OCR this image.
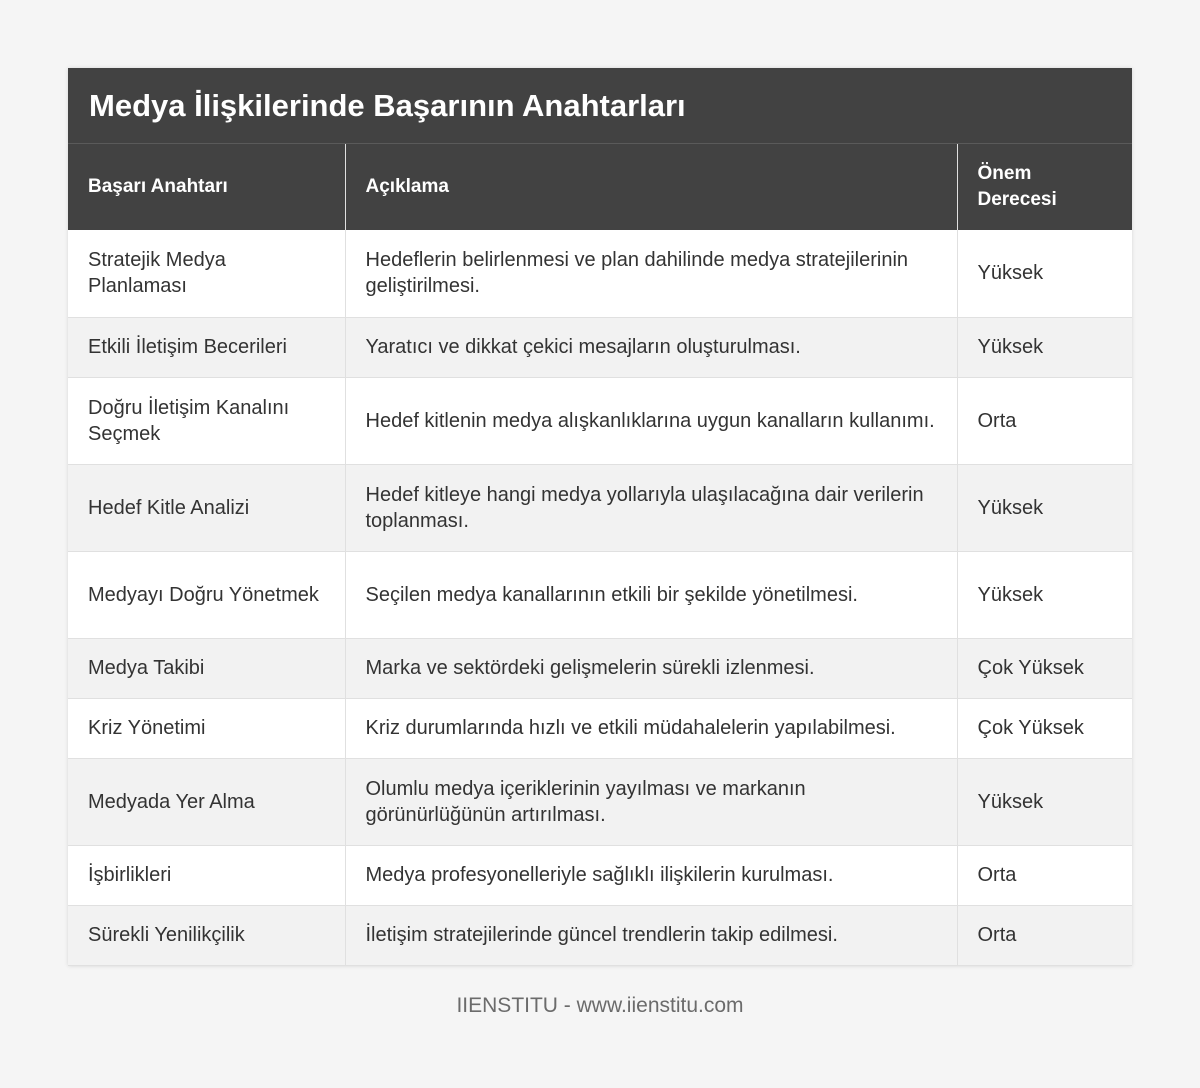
Medya İlişkilerinde Başarının Anahtarları
Başarı Anahtarı	Açıklama	Önem Derecesi
Stratejik Medya Planlaması	Hedeflerin belirlenmesi ve plan dahilinde medya stratejilerinin geliştirilmesi.	Yüksek
Etkili İletişim Becerileri	Yaratıcı ve dikkat çekici mesajların oluşturulması.	Yüksek
Doğru İletişim Kanalını Seçmek	Hedef kitlenin medya alışkanlıklarına uygun kanalların kullanımı.	Orta
Hedef Kitle Analizi	Hedef kitleye hangi medya yollarıyla ulaşılacağına dair verilerin toplanması.	Yüksek
Medyayı Doğru Yönetmek	Seçilen medya kanallarının etkili bir şekilde yönetilmesi.	Yüksek
Medya Takibi	Marka ve sektördeki gelişmelerin sürekli izlenmesi.	Çok Yüksek
Kriz Yönetimi	Kriz durumlarında hızlı ve etkili müdahalelerin yapılabilmesi.	Çok Yüksek
Medyada Yer Alma	Olumlu medya içeriklerinin yayılması ve markanın görünürlüğünün artırılması.	Yüksek
İşbirlikleri	Medya profesyonelleriyle sağlıklı ilişkilerin kurulması.	Orta
Sürekli Yenilikçilik	İletişim stratejilerinde güncel trendlerin takip edilmesi.	Orta
IIENSTITU - www.iienstitu.com
